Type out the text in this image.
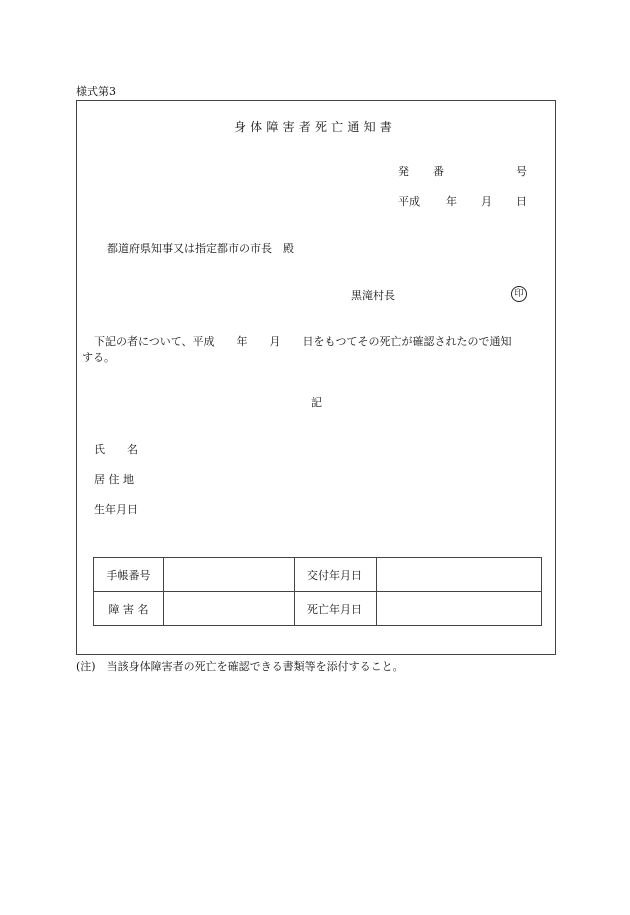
様式第3
身体障害者死亡通知書
発 番	号
平成 年 月 日
都道府県知事又は指定都市の市長　殿
黒滝村長	印
下記の者について、平成　　年　　月　　日をもつてその死亡が確認されたので通知
する。
記
氏　　名
居 住 地
生年月日
手帳番号		交付年月日	
障 害 名		死亡年月日	
(注)　当該身体障害者の死亡を確認できる書類等を添付すること。
